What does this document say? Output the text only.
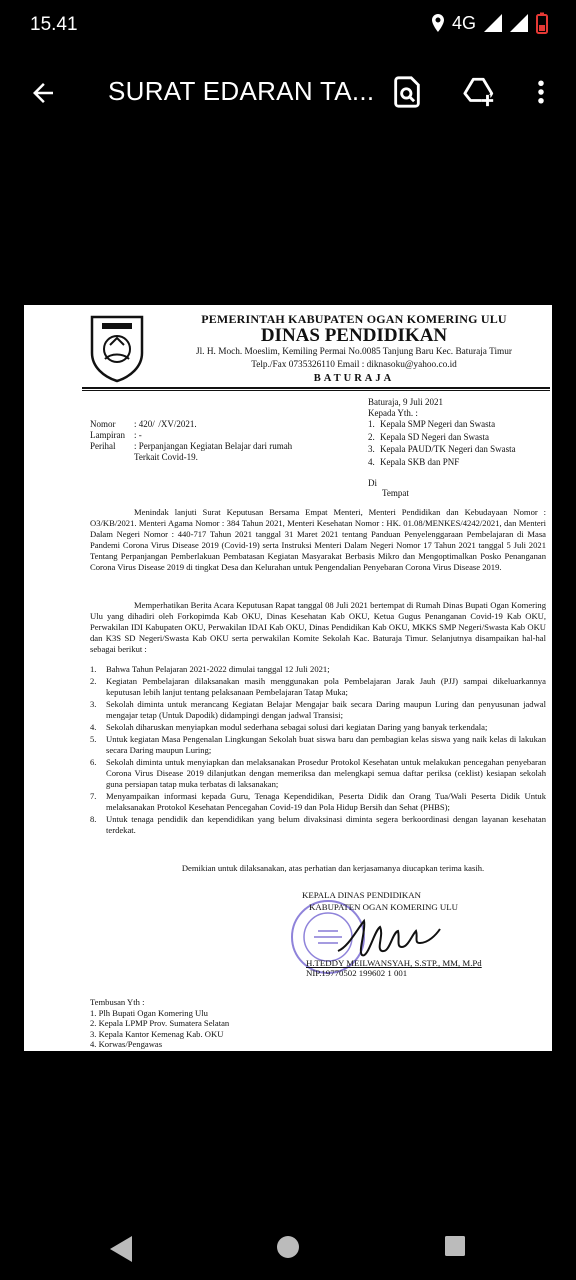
15.41	4G
SURAT EDARAN TA...
PEMERINTAH KABUPATEN OGAN KOMERING ULU
DINAS PENDIDIKAN
Jl. H. Moch. Moeslim, Kemiling Permai No.0085 Tanjung Baru Kec. Baturaja Timur
Telp./Fax 0735326110 Email : diknasoku@yahoo.co.id
BATURAJA
Baturaja, 9 Juli 2021
Kepada Yth. :
1. Kepala SMP Negeri dan Swasta
2. Kepala SD Negeri dan Swasta
3. Kepala PAUD/TK Negeri dan Swasta
4. Kepala SKB dan PNF
Di
Tempat
Nomor	: 420/  /XV/2021.
Lampiran	: -
Perihal	: Perpanjangan Kegiatan Belajar dari rumah Terkait Covid-19.
Menindak lanjuti Surat Keputusan Bersama Empat Menteri, Menteri Pendidikan dan Kebudayaan Nomor : O3/KB/2021. Menteri Agama Nomor : 384 Tahun 2021, Menteri Kesehatan Nomor : HK. 01.08/MENKES/4242/2021, dan Menteri Dalam Negeri Nomor : 440-717 Tahun 2021 tanggal 31 Maret 2021 tentang Panduan Penyelenggaraan Pembelajaran di Masa Pandemi Corona Virus Disease 2019 (Covid-19) serta Instruksi Menteri Dalam Negeri Nomor 17 Tahun 2021 tanggal 5 Juli 2021 Tentang Perpanjangan Pemberlakuan Pembatasan Kegiatan Masyarakat Berbasis Mikro dan Mengoptimalkan Posko Penanganan Corona Virus Disease 2019 di tingkat Desa dan Kelurahan untuk Pengendalian Penyebaran Corona Virus Disease 2019.
Memperhatikan Berita Acara Keputusan Rapat tanggal 08 Juli 2021 bertempat di Rumah Dinas Bupati Ogan Komering Ulu yang dihadiri oleh Forkopimda Kab OKU, Dinas Kesehatan Kab OKU, Ketua Gugus Penanganan Covid-19 Kab OKU, Perwakilan IDI Kabupaten OKU, Perwakilan IDAI Kab OKU, Dinas Pendidikan Kab OKU, MKKS SMP Negeri/Swasta Kab OKU dan K3S SD Negeri/Swasta Kab OKU serta perwakilan Komite Sekolah Kac. Baturaja Timur. Selanjutnya disampaikan hal-hal sebagai berikut :
1.	Bahwa Tahun Pelajaran 2021-2022 dimulai tanggal 12 Juli 2021;
2.	Kegiatan Pembelajaran dilaksanakan masih menggunakan pola Pembelajaran Jarak Jauh (PJJ) sampai dikeluarkannya keputusan lebih lanjut tentang pelaksanaan Pembelajaran Tatap Muka;
3.	Sekolah diminta untuk merancang Kegiatan Belajar Mengajar baik secara Daring maupun Luring dan penyusunan jadwal mengajar tetap (Untuk Dapodik) didampingi dengan jadwal Transisi;
4.	Sekolah diharuskan menyiapkan modul sederhana sebagai solusi dari kegiatan Daring yang banyak terkendala;
5.	Untuk kegiatan Masa Pengenalan Lingkungan Sekolah buat siswa baru dan pembagian kelas siswa yang naik kelas di lakukan secara Daring maupun Luring;
6.	Sekolah diminta untuk menyiapkan dan melaksanakan Prosedur Protokol Kesehatan untuk melakukan pencegahan penyebaran Corona Virus Disease 2019 dilanjutkan dengan memeriksa dan melengkapi semua daftar periksa (ceklist) kesiapan sekolah guna persiapan tatap muka terbatas di laksanakan;
7.	Menyampaikan informasi kepada Guru, Tenaga Kependidikan, Peserta Didik dan Orang Tua/Wali Peserta Didik Untuk melaksanakan Protokol Kesehatan Pencegahan Covid-19 dan Pola Hidup Bersih dan Sehat (PHBS);
8.	Untuk tenaga pendidik dan kependidikan yang belum divaksinasi diminta segera berkoordinasi dengan layanan kesehatan terdekat.
Demikian untuk dilaksanakan, atas perhatian dan kerjasamanya diucapkan terima kasih.
KEPALA DINAS PENDIDIKAN
KABUPATEN OGAN KOMERING ULU
H.TEDDY MEILWANSYAH, S.STP., MM, M.Pd
NIP.19770502 199602 1 001
Tembusan Yth :
1. Plh Bupati Ogan Komering Ulu
2. Kepala LPMP Prov. Sumatera Selatan
3. Kepala Kantor Kemenag Kab. OKU
4. Korwas/Pengawas
